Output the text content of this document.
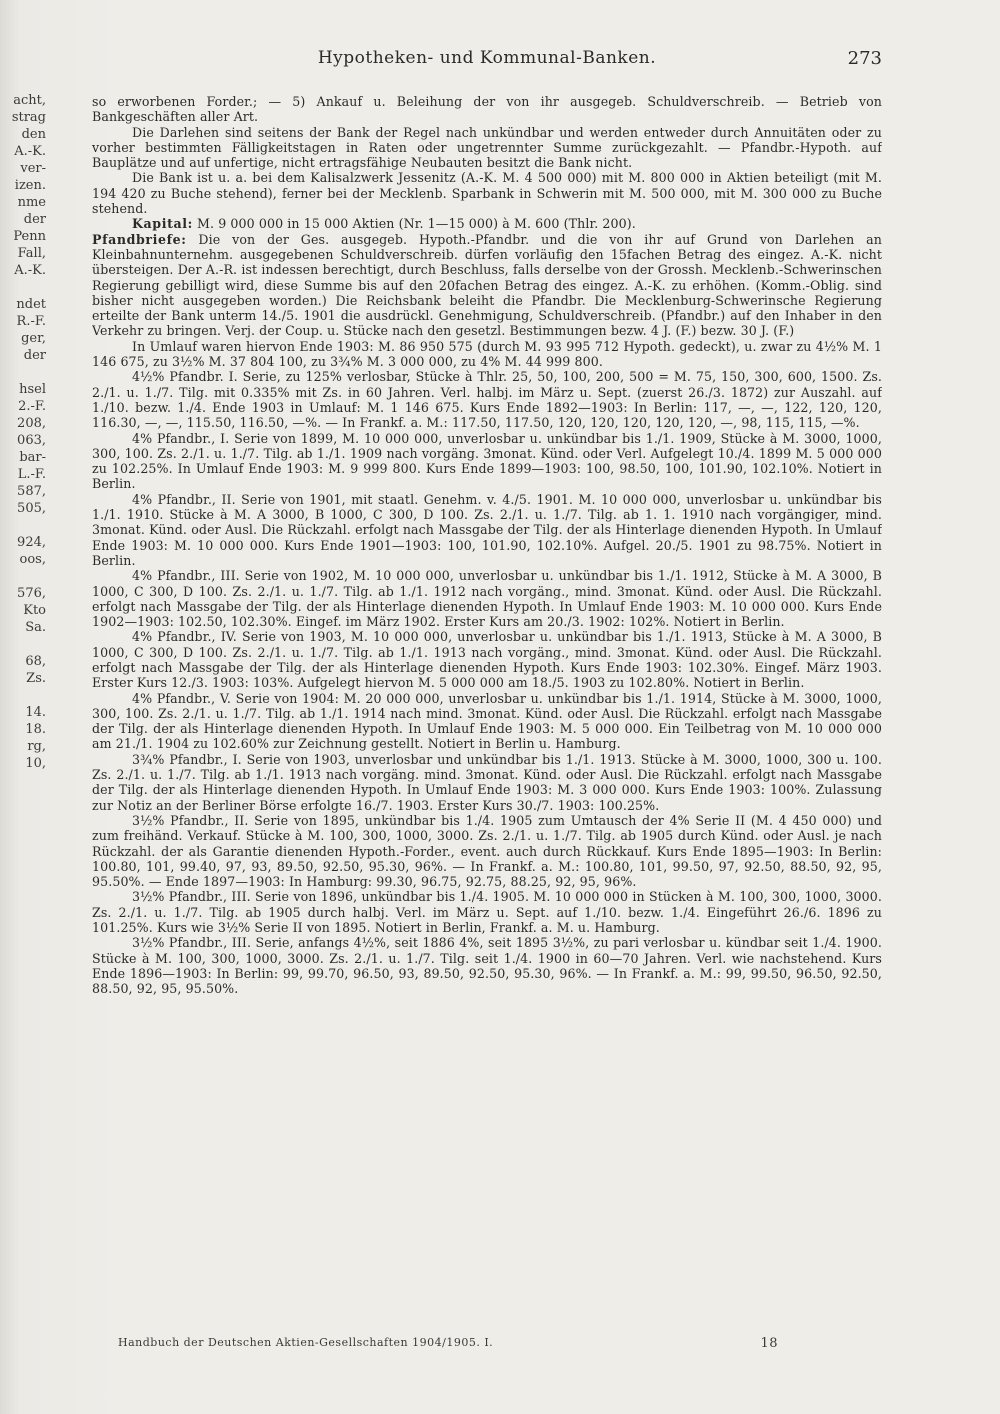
acht,
strag
den
A.-K.
ver-
izen.
nme
der
Penn
Fall,
A.-K.

ndet
R.-F.
ger,
der

hsel
2.-F.
208,
063,
bar-
L.-F.
587,
505,

924,
oos,

576,
Kto
Sa.

68,
Zs.

14.
18.
rg,
10,
Hypotheken- und Kommunal-Banken.	273

so erworbenen Forder.; — 5) Ankauf u. Beleihung der von ihr ausgegeb. Schuldverschreib. — Betrieb von Bankgeschäften aller Art.

Die Darlehen sind seitens der Bank der Regel nach unkündbar und werden entweder durch Annuitäten oder zu vorher bestimmten Fälligkeitstagen in Raten oder ungetrennter Summe zurückgezahlt. — Pfandbr.-Hypoth. auf Bauplätze und auf unfertige, nicht ertragsfähige Neubauten besitzt die Bank nicht.

Die Bank ist u. a. bei dem Kalisalzwerk Jessenitz (A.-K. M. 4 500 000) mit M. 800 000 in Aktien beteiligt (mit M. 194 420 zu Buche stehend), ferner bei der Mecklenb. Sparbank in Schwerin mit M. 500 000, mit M. 300 000 zu Buche stehend.

Kapital: M. 9 000 000 in 15 000 Aktien (Nr. 1—15 000) à M. 600 (Thlr. 200).

Pfandbriefe: Die von der Ges. ausgegeb. Hypoth.-Pfandbr. und die von ihr auf Grund von Darlehen an Kleinbahnunternehm. ausgegebenen Schuldverschreib. dürfen vorläufig den 15fachen Betrag des eingez. A.-K. nicht übersteigen. Der A.-R. ist indessen berechtigt, durch Beschluss, falls derselbe von der Grossh. Mecklenb.-Schwerinschen Regierung gebilligt wird, diese Summe bis auf den 20fachen Betrag des eingez. A.-K. zu erhöhen. (Komm.-Oblig. sind bisher nicht ausgegeben worden.) Die Reichsbank beleiht die Pfandbr. Die Mecklenburg-Schwerinsche Regierung erteilte der Bank unterm 14./5. 1901 die ausdrückl. Genehmigung, Schuldverschreib. (Pfandbr.) auf den Inhaber in den Verkehr zu bringen. Verj. der Coup. u. Stücke nach den gesetzl. Bestimmungen bezw. 4 J. (F.) bezw. 30 J. (F.)

In Umlauf waren hiervon Ende 1903: M. 86 950 575 (durch M. 93 995 712 Hypoth. gedeckt), u. zwar zu 4½% M. 1 146 675, zu 3½% M. 37 804 100, zu 3¾% M. 3 000 000, zu 4% M. 44 999 800.

4½% Pfandbr. I. Serie, zu 125% verlosbar, Stücke à Thlr. 25, 50, 100, 200, 500 = M. 75, 150, 300, 600, 1500. Zs. 2./1. u. 1./7. Tilg. mit 0.335% mit Zs. in 60 Jahren. Verl. halbj. im März u. Sept. (zuerst 26./3. 1872) zur Auszahl. auf 1./10. bezw. 1./4. Ende 1903 in Umlauf: M. 1 146 675. Kurs Ende 1892—1903: In Berlin: 117, —, —, 122, 120, 120, 116.30, —, —, 115.50, 116.50, —%. — In Frankf. a. M.: 117.50, 117.50, 120, 120, 120, 120, 120, —, 98, 115, 115, —%.

4% Pfandbr., I. Serie von 1899, M. 10 000 000, unverlosbar u. unkündbar bis 1./1. 1909, Stücke à M. 3000, 1000, 300, 100. Zs. 2./1. u. 1./7. Tilg. ab 1./1. 1909 nach vorgäng. 3monat. Künd. oder Verl. Aufgelegt 10./4. 1899 M. 5 000 000 zu 102.25%. In Umlauf Ende 1903: M. 9 999 800. Kurs Ende 1899—1903: 100, 98.50, 100, 101.90, 102.10%. Notiert in Berlin.

4% Pfandbr., II. Serie von 1901, mit staatl. Genehm. v. 4./5. 1901. M. 10 000 000, unverlosbar u. unkündbar bis 1./1. 1910. Stücke à M. A 3000, B 1000, C 300, D 100. Zs. 2./1. u. 1./7. Tilg. ab 1. 1. 1910 nach vorgängiger, mind. 3monat. Künd. oder Ausl. Die Rückzahl. erfolgt nach Massgabe der Tilg. der als Hinterlage dienenden Hypoth. In Umlauf Ende 1903: M. 10 000 000. Kurs Ende 1901—1903: 100, 101.90, 102.10%. Aufgel. 20./5. 1901 zu 98.75%. Notiert in Berlin.

4% Pfandbr., III. Serie von 1902, M. 10 000 000, unverlosbar u. unkündbar bis 1./1. 1912, Stücke à M. A 3000, B 1000, C 300, D 100. Zs. 2./1. u. 1./7. Tilg. ab 1./1. 1912 nach vorgäng., mind. 3monat. Künd. oder Ausl. Die Rückzahl. erfolgt nach Massgabe der Tilg. der als Hinterlage dienenden Hypoth. In Umlauf Ende 1903: M. 10 000 000. Kurs Ende 1902—1903: 102.50, 102.30%. Eingef. im März 1902. Erster Kurs am 20./3. 1902: 102%. Notiert in Berlin.

4% Pfandbr., IV. Serie von 1903, M. 10 000 000, unverlosbar u. unkündbar bis 1./1. 1913, Stücke à M. A 3000, B 1000, C 300, D 100. Zs. 2./1. u. 1./7. Tilg. ab 1./1. 1913 nach vorgäng., mind. 3monat. Künd. oder Ausl. Die Rückzahl. erfolgt nach Massgabe der Tilg. der als Hinterlage dienenden Hypoth. Kurs Ende 1903: 102.30%. Eingef. März 1903. Erster Kurs 12./3. 1903: 103%. Aufgelegt hiervon M. 5 000 000 am 18./5. 1903 zu 102.80%. Notiert in Berlin.

4% Pfandbr., V. Serie von 1904: M. 20 000 000, unverlosbar u. unkündbar bis 1./1. 1914, Stücke à M. 3000, 1000, 300, 100. Zs. 2./1. u. 1./7. Tilg. ab 1./1. 1914 nach mind. 3monat. Künd. oder Ausl. Die Rückzahl. erfolgt nach Massgabe der Tilg. der als Hinterlage dienenden Hypoth. In Umlauf Ende 1903: M. 5 000 000. Ein Teilbetrag von M. 10 000 000 am 21./1. 1904 zu 102.60% zur Zeichnung gestellt. Notiert in Berlin u. Hamburg.

3¾% Pfandbr., I. Serie von 1903, unverlosbar und unkündbar bis 1./1. 1913. Stücke à M. 3000, 1000, 300 u. 100. Zs. 2./1. u. 1./7. Tilg. ab 1./1. 1913 nach vorgäng. mind. 3monat. Künd. oder Ausl. Die Rückzahl. erfolgt nach Massgabe der Tilg. der als Hinterlage dienenden Hypoth. In Umlauf Ende 1903: M. 3 000 000. Kurs Ende 1903: 100%. Zulassung zur Notiz an der Berliner Börse erfolgte 16./7. 1903. Erster Kurs 30./7. 1903: 100.25%.

3½% Pfandbr., II. Serie von 1895, unkündbar bis 1./4. 1905 zum Umtausch der 4% Serie II (M. 4 450 000) und zum freihänd. Verkauf. Stücke à M. 100, 300, 1000, 3000. Zs. 2./1. u. 1./7. Tilg. ab 1905 durch Künd. oder Ausl. je nach Rückzahl. der als Garantie dienenden Hypoth.-Forder., event. auch durch Rückkauf. Kurs Ende 1895—1903: In Berlin: 100.80, 101, 99.40, 97, 93, 89.50, 92.50, 95.30, 96%. — In Frankf. a. M.: 100.80, 101, 99.50, 97, 92.50, 88.50, 92, 95, 95.50%. — Ende 1897—1903: In Hamburg: 99.30, 96.75, 92.75, 88.25, 92, 95, 96%.

3½% Pfandbr., III. Serie von 1896, unkündbar bis 1./4. 1905. M. 10 000 000 in Stücken à M. 100, 300, 1000, 3000. Zs. 2./1. u. 1./7. Tilg. ab 1905 durch halbj. Verl. im März u. Sept. auf 1./10. bezw. 1./4. Eingeführt 26./6. 1896 zu 101.25%. Kurs wie 3½% Serie II von 1895. Notiert in Berlin, Frankf. a. M. u. Hamburg.

3½% Pfandbr., III. Serie, anfangs 4½%, seit 1886 4%, seit 1895 3½%, zu pari verlosbar u. kündbar seit 1./4. 1900. Stücke à M. 100, 300, 1000, 3000. Zs. 2./1. u. 1./7. Tilg. seit 1./4. 1900 in 60—70 Jahren. Verl. wie nachstehend. Kurs Ende 1896—1903: In Berlin: 99, 99.70, 96.50, 93, 89.50, 92.50, 95.30, 96%. — In Frankf. a. M.: 99, 99.50, 96.50, 92.50, 88.50, 92, 95, 95.50%.

Handbuch der Deutschen Aktien-Gesellschaften 1904/1905. I.	18
